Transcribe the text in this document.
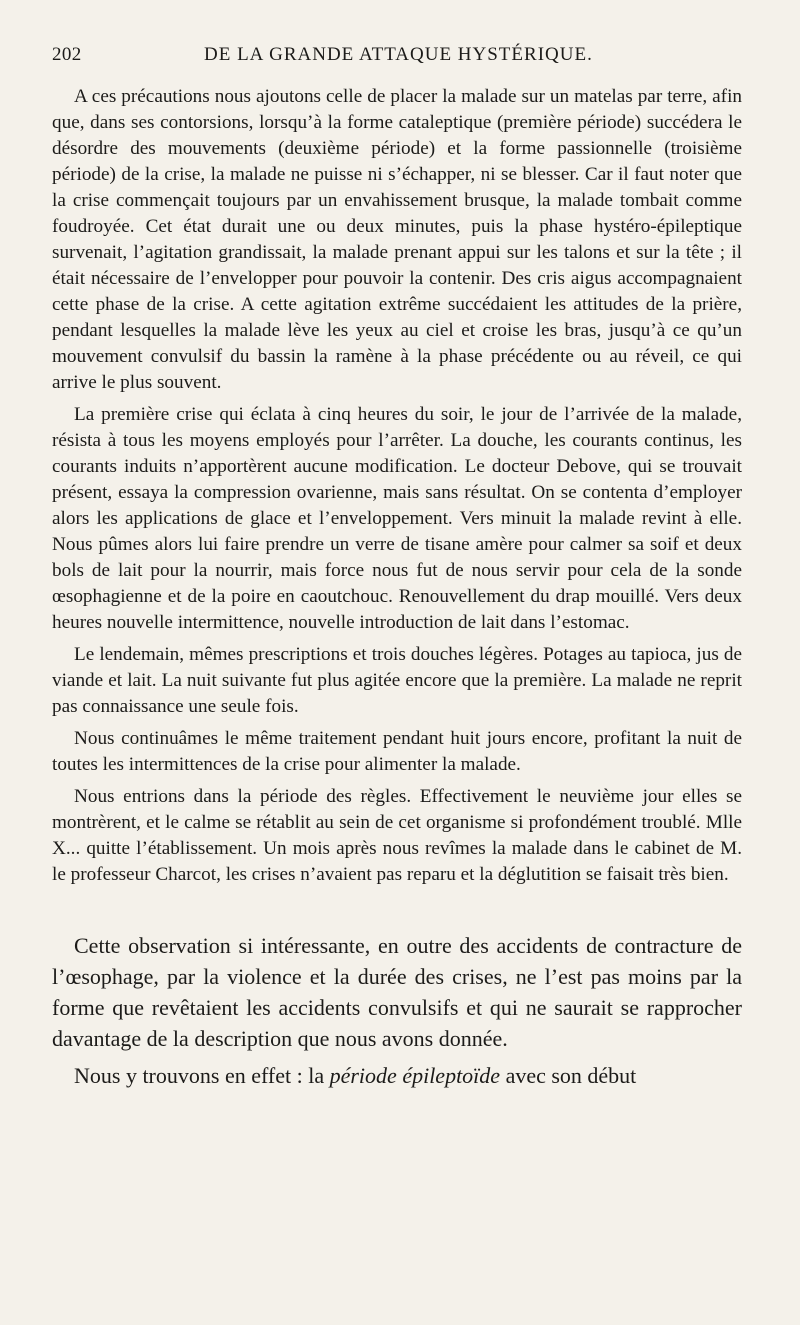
202	DE LA GRANDE ATTAQUE HYSTÉRIQUE.

A ces précautions nous ajoutons celle de placer la malade sur un matelas par terre, afin que, dans ses contorsions, lorsqu’à la forme cataleptique (première période) succédera le désordre des mouvements (deuxième période) et la forme passionnelle (troisième période) de la crise, la malade ne puisse ni s’échapper, ni se blesser. Car il faut noter que la crise commençait toujours par un envahissement brusque, la malade tombait comme foudroyée. Cet état durait une ou deux minutes, puis la phase hystéro-épileptique survenait, l’agitation grandissait, la malade prenant appui sur les talons et sur la tête ; il était nécessaire de l’envelopper pour pouvoir la contenir. Des cris aigus accompagnaient cette phase de la crise. A cette agitation extrême succédaient les attitudes de la prière, pendant lesquelles la malade lève les yeux au ciel et croise les bras, jusqu’à ce qu’un mouvement convulsif du bassin la ramène à la phase précédente ou au réveil, ce qui arrive le plus souvent.

La première crise qui éclata à cinq heures du soir, le jour de l’arrivée de la malade, résista à tous les moyens employés pour l’arrêter. La douche, les courants continus, les courants induits n’apportèrent aucune modification. Le docteur Debove, qui se trouvait présent, essaya la compression ovarienne, mais sans résultat. On se contenta d’employer alors les applications de glace et l’enveloppement. Vers minuit la malade revint à elle. Nous pûmes alors lui faire prendre un verre de tisane amère pour calmer sa soif et deux bols de lait pour la nourrir, mais force nous fut de nous servir pour cela de la sonde œsophagienne et de la poire en caoutchouc. Renouvellement du drap mouillé. Vers deux heures nouvelle intermittence, nouvelle introduction de lait dans l’estomac.

Le lendemain, mêmes prescriptions et trois douches légères. Potages au tapioca, jus de viande et lait. La nuit suivante fut plus agitée encore que la première. La malade ne reprit pas connaissance une seule fois.

Nous continuâmes le même traitement pendant huit jours encore, profitant la nuit de toutes les intermittences de la crise pour alimenter la malade.

Nous entrions dans la période des règles. Effectivement le neuvième jour elles se montrèrent, et le calme se rétablit au sein de cet organisme si profondément troublé. Mlle X... quitte l’établissement. Un mois après nous revîmes la malade dans le cabinet de M. le professeur Charcot, les crises n’avaient pas reparu et la déglutition se faisait très bien.

Cette observation si intéressante, en outre des accidents de contracture de l’œsophage, par la violence et la durée des crises, ne l’est pas moins par la forme que revêtaient les accidents convulsifs et qui ne saurait se rapprocher davantage de la description que nous avons donnée.

Nous y trouvons en effet : la période épileptoïde avec son début
